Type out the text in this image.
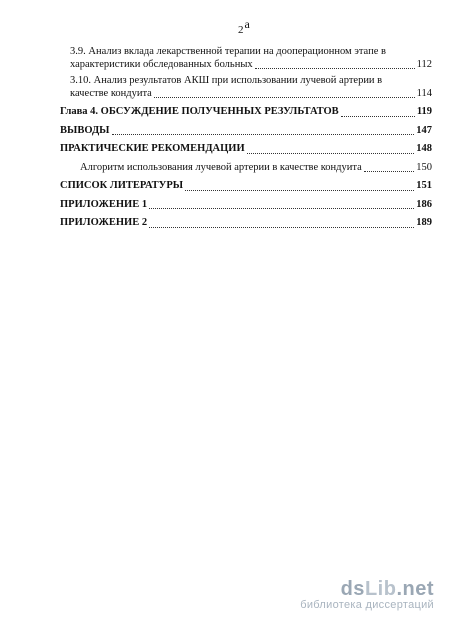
2a
3.9. Анализ вклада лекарственной терапии на дооперационном этапе в
характеристики обследованных больных	112
3.10. Анализ результатов АКШ при использовании лучевой артерии в
качестве кондуита	114
Глава 4. ОБСУЖДЕНИЕ ПОЛУЧЕННЫХ РЕЗУЛЬТАТОВ	119
ВЫВОДЫ	147
ПРАКТИЧЕСКИЕ РЕКОМЕНДАЦИИ	148
Алгоритм использования лучевой артерии в качестве кондуита	150
СПИСОК ЛИТЕРАТУРЫ	151
ПРИЛОЖЕНИЕ 1	186
ПРИЛОЖЕНИЕ 2	189
dsLib.net
библиотека диссертаций
